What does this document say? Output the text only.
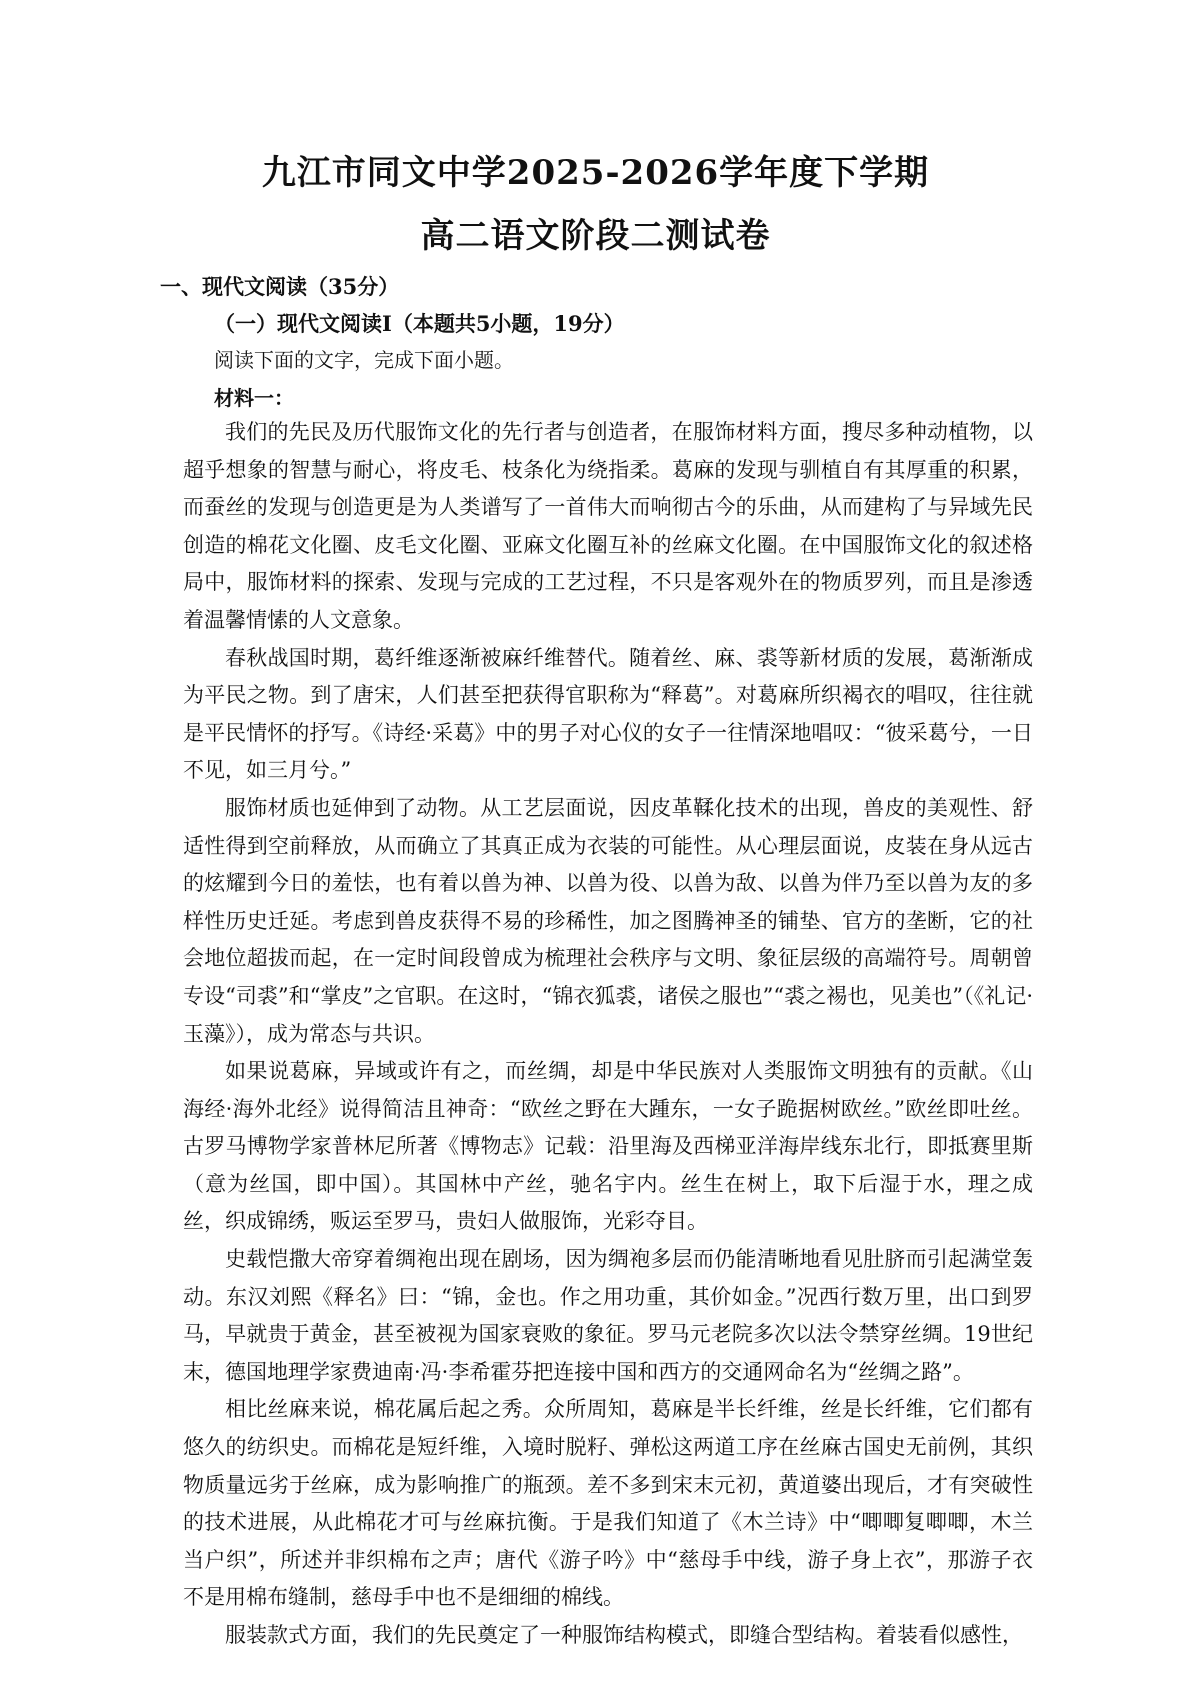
九江市同文中学2025-2026学年度下学期
高二语文阶段二测试卷
一、现代文阅读（35分）
（一）现代文阅读Ⅰ（本题共5小题，19分）
阅读下面的文字，完成下面小题。
材料一：

我们的先民及历代服饰文化的先行者与创造者，在服饰材料方面，搜尽多种动植物，以超乎想象的智慧与耐心，将皮毛、枝条化为绕指柔。葛麻的发现与驯植自有其厚重的积累，而蚕丝的发现与创造更是为人类谱写了一首伟大而响彻古今的乐曲，从而建构了与异域先民创造的棉花文化圈、皮毛文化圈、亚麻文化圈互补的丝麻文化圈。在中国服饰文化的叙述格局中，服饰材料的探索、发现与完成的工艺过程，不只是客观外在的物质罗列，而且是渗透着温馨情愫的人文意象。

春秋战国时期，葛纤维逐渐被麻纤维替代。随着丝、麻、裘等新材质的发展，葛渐渐成为平民之物。到了唐宋，人们甚至把获得官职称为“释葛”。对葛麻所织褐衣的唱叹，往往就是平民情怀的抒写。《诗经·采葛》中的男子对心仪的女子一往情深地唱叹：“彼采葛兮，一日不见，如三月兮。”

服饰材质也延伸到了动物。从工艺层面说，因皮革鞣化技术的出现，兽皮的美观性、舒适性得到空前释放，从而确立了其真正成为衣装的可能性。从心理层面说，皮装在身从远古的炫耀到今日的羞怯，也有着以兽为神、以兽为役、以兽为敌、以兽为伴乃至以兽为友的多样性历史迁延。考虑到兽皮获得不易的珍稀性，加之图腾神圣的铺垫、官方的垄断，它的社会地位超拔而起，在一定时间段曾成为梳理社会秩序与文明、象征层级的高端符号。周朝曾专设“司裘”和“掌皮”之官职。在这时，“锦衣狐裘，诸侯之服也”“裘之裼也，见美也”（《礼记·玉藻》），成为常态与共识。

如果说葛麻，异域或许有之，而丝绸，却是中华民族对人类服饰文明独有的贡献。《山海经·海外北经》说得简洁且神奇：“欧丝之野在大踵东，一女子跪据树欧丝。”欧丝即吐丝。古罗马博物学家普林尼所著《博物志》记载：沿里海及西梯亚洋海岸线东北行，即抵赛里斯（意为丝国，即中国）。其国林中产丝，驰名宇内。丝生在树上，取下后湿于水，理之成丝，织成锦绣，贩运至罗马，贵妇人做服饰，光彩夺目。

史载恺撒大帝穿着绸袍出现在剧场，因为绸袍多层而仍能清晰地看见肚脐而引起满堂轰动。东汉刘熙《释名》曰：“锦，金也。作之用功重，其价如金。”况西行数万里，出口到罗马，早就贵于黄金，甚至被视为国家衰败的象征。罗马元老院多次以法令禁穿丝绸。19世纪末，德国地理学家费迪南·冯·李希霍芬把连接中国和西方的交通网命名为“丝绸之路”。

相比丝麻来说，棉花属后起之秀。众所周知，葛麻是半长纤维，丝是长纤维，它们都有悠久的纺织史。而棉花是短纤维，入境时脱籽、弹松这两道工序在丝麻古国史无前例，其织物质量远劣于丝麻，成为影响推广的瓶颈。差不多到宋末元初，黄道婆出现后，才有突破性的技术进展，从此棉花才可与丝麻抗衡。于是我们知道了《木兰诗》中“唧唧复唧唧，木兰当户织”，所述并非织棉布之声；唐代《游子吟》中“慈母手中线，游子身上衣”，那游子衣不是用棉布缝制，慈母手中也不是细细的棉线。

服装款式方面，我们的先民奠定了一种服饰结构模式，即缝合型结构。着装看似感性，
